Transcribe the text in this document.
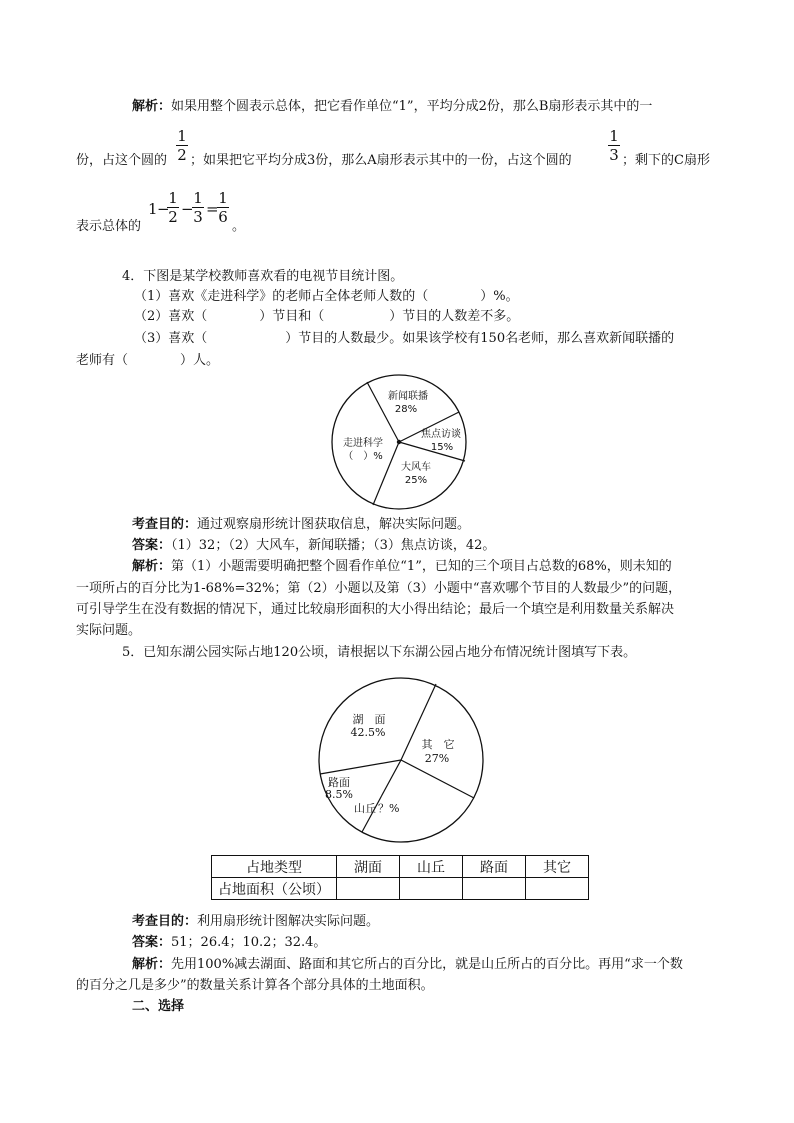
解析：如果用整个圆表示总体，把它看作单位“1”，平均分成2份，那么B扇形表示其中的一
1
2
1
3
份，占这个圆的 ；如果把它平均分成3份，那么A扇形表示其中的一份，占这个圆的	；剩下的C扇形
1 −
1
2 −
1
3 =
1
6
表示总体的	。
4．下图是某学校教师喜欢看的电视节目统计图。
（1）喜欢《走进科学》的老师占全体老师人数的（　　　　）%。
（2）喜欢（　　　　）节目和（　　　　　）节目的人数差不多。
（3）喜欢（　　　　　　）节目的人数最少。如果该学校有150名老师，那么喜欢新闻联播的
老师有（　　　　）人。
新闻联播
28%
焦点访谈
15%
大风车
25%
走进科学
（　）%
考查目的：通过观察扇形统计图获取信息，解决实际问题。
答案：（1）32；（2）大风车，新闻联播；（3）焦点访谈，42。
解析：第（1）小题需要明确把整个圆看作单位“1”，已知的三个项目占总数的68%，则未知的
一项所占的百分比为1-68%=32%；第（2）小题以及第（3）小题中“喜欢哪个节目的人数最少”的问题，
可引导学生在没有数据的情况下，通过比较扇形面积的大小得出结论；最后一个填空是利用数量关系解决
实际问题。
5．已知东湖公园实际占地120公顷，请根据以下东湖公园占地分布情况统计图填写下表。
湖　面
42.5%
其　它
27%
山丘 ？%
路面
8.5%
占地类型	湖面	山丘	路面	其它
占地面积（公顷）				
考查目的：利用扇形统计图解决实际问题。
答案：51；26.4；10.2；32.4。
解析：先用100%减去湖面、路面和其它所占的百分比，就是山丘所占的百分比。再用“求一个数
的百分之几是多少”的数量关系计算各个部分具体的土地面积。
二、选择
